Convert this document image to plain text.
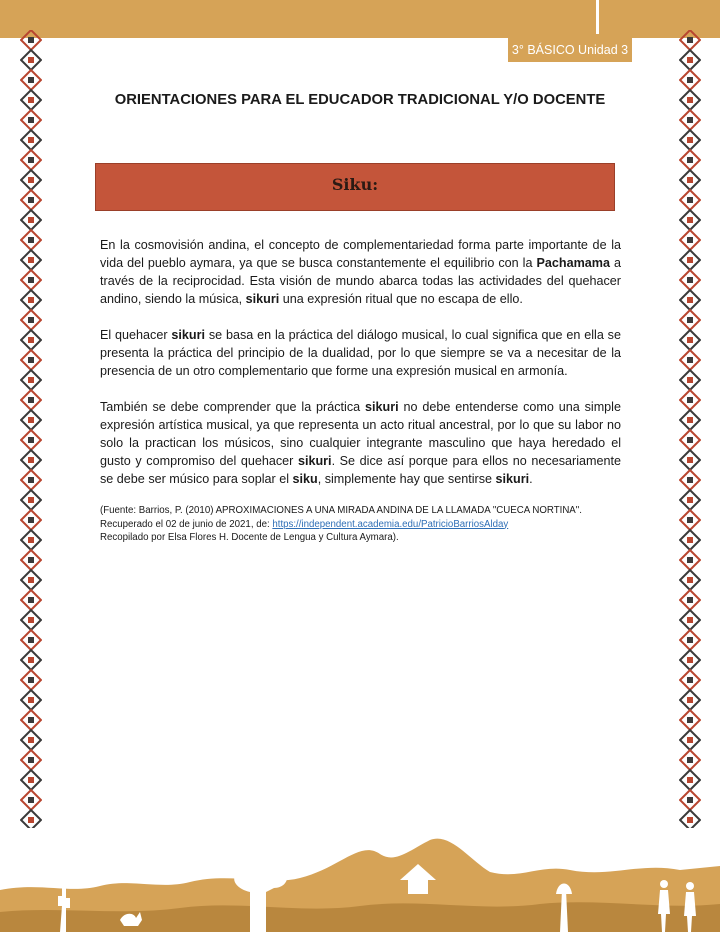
3° BÁSICO Unidad 3
ORIENTACIONES PARA EL EDUCADOR TRADICIONAL Y/O DOCENTE
Siku:

En la cosmovisión andina, el concepto de complementariedad forma parte importante de la vida del pueblo aymara, ya que se busca constantemente el equilibrio con la Pachamama a través de la reciprocidad. Esta visión de mundo abarca todas las actividades del quehacer andino, siendo la música, sikuri una expresión ritual que no escapa de ello.

El quehacer sikuri se basa en la práctica del diálogo musical, lo cual significa que en ella se presenta la práctica del principio de la dualidad, por lo que siempre se va a necesitar de la presencia de un otro complementario que forme una expresión musical en armonía.

También se debe comprender que la práctica sikuri no debe entenderse como una simple expresión artística musical, ya que representa un acto ritual ancestral, por lo que su labor no solo la practican los músicos, sino cualquier integrante masculino que haya heredado el gusto y compromiso del quehacer sikuri. Se dice así porque para ellos no necesariamente se debe ser músico para soplar el siku, simplemente hay que sentirse sikuri.

(Fuente: Barrios, P. (2010) APROXIMACIONES A UNA MIRADA ANDINA DE LA LLAMADA "CUECA NORTINA". Recuperado el 02 de junio de 2021, de: https://independent.academia.edu/PatricioBarriosAlday
Recopilado por Elsa Flores H. Docente de Lengua y Cultura Aymara).
